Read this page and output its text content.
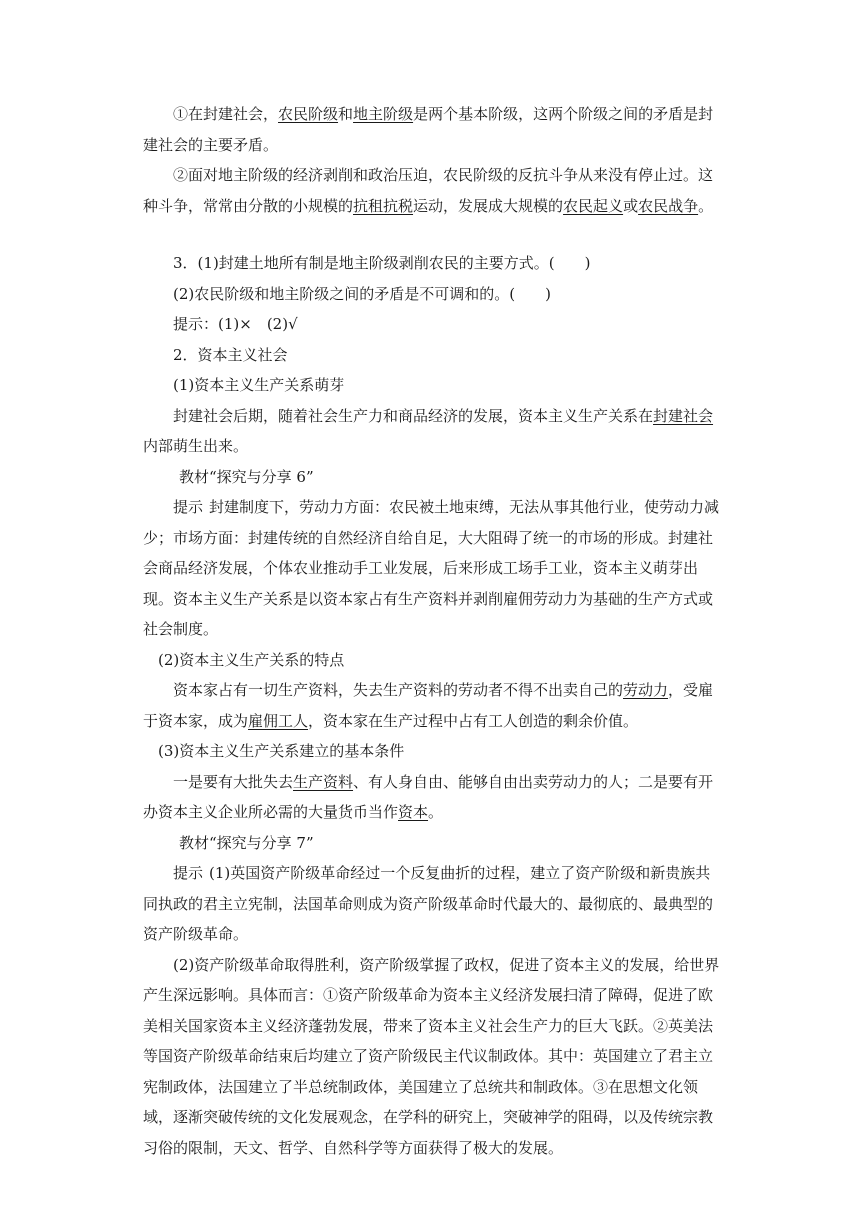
①在封建社会，农民阶级和地主阶级是两个基本阶级，这两个阶级之间的矛盾是封建社会的主要矛盾。

②面对地主阶级的经济剥削和政治压迫，农民阶级的反抗斗争从来没有停止过。这种斗争，常常由分散的小规模的抗租抗税运动，发展成大规模的农民起义或农民战争。

3．(1)封建土地所有制是地主阶级剥削农民的主要方式。(　　)

(2)农民阶级和地主阶级之间的矛盾是不可调和的。(　　)

提示：(1)×　(2)√

2．资本主义社会

(1)资本主义生产关系萌芽

封建社会后期，随着社会生产力和商品经济的发展，资本主义生产关系在封建社会内部萌生出来。

教材“探究与分享 6”

提示 封建制度下，劳动力方面：农民被土地束缚，无法从事其他行业，使劳动力减少；市场方面：封建传统的自然经济自给自足，大大阻碍了统一的市场的形成。封建社会商品经济发展，个体农业推动手工业发展，后来形成工场手工业，资本主义萌芽出现。资本主义生产关系是以资本家占有生产资料并剥削雇佣劳动力为基础的生产方式或社会制度。

(2)资本主义生产关系的特点

资本家占有一切生产资料，失去生产资料的劳动者不得不出卖自己的劳动力，受雇于资本家，成为雇佣工人，资本家在生产过程中占有工人创造的剩余价值。

(3)资本主义生产关系建立的基本条件

一是要有大批失去生产资料、有人身自由、能够自由出卖劳动力的人；二是要有开办资本主义企业所必需的大量货币当作资本。

教材“探究与分享 7”

提示 (1)英国资产阶级革命经过一个反复曲折的过程，建立了资产阶级和新贵族共同执政的君主立宪制，法国革命则成为资产阶级革命时代最大的、最彻底的、最典型的资产阶级革命。

(2)资产阶级革命取得胜利，资产阶级掌握了政权，促进了资本主义的发展，给世界产生深远影响。具体而言：①资产阶级革命为资本主义经济发展扫清了障碍，促进了欧美相关国家资本主义经济蓬勃发展，带来了资本主义社会生产力的巨大飞跃。②英美法等国资产阶级革命结束后均建立了资产阶级民主代议制政体。其中：英国建立了君主立宪制政体，法国建立了半总统制政体，美国建立了总统共和制政体。③在思想文化领域，逐渐突破传统的文化发展观念，在学科的研究上，突破神学的阻碍，以及传统宗教习俗的限制，天文、哲学、自然科学等方面获得了极大的发展。
